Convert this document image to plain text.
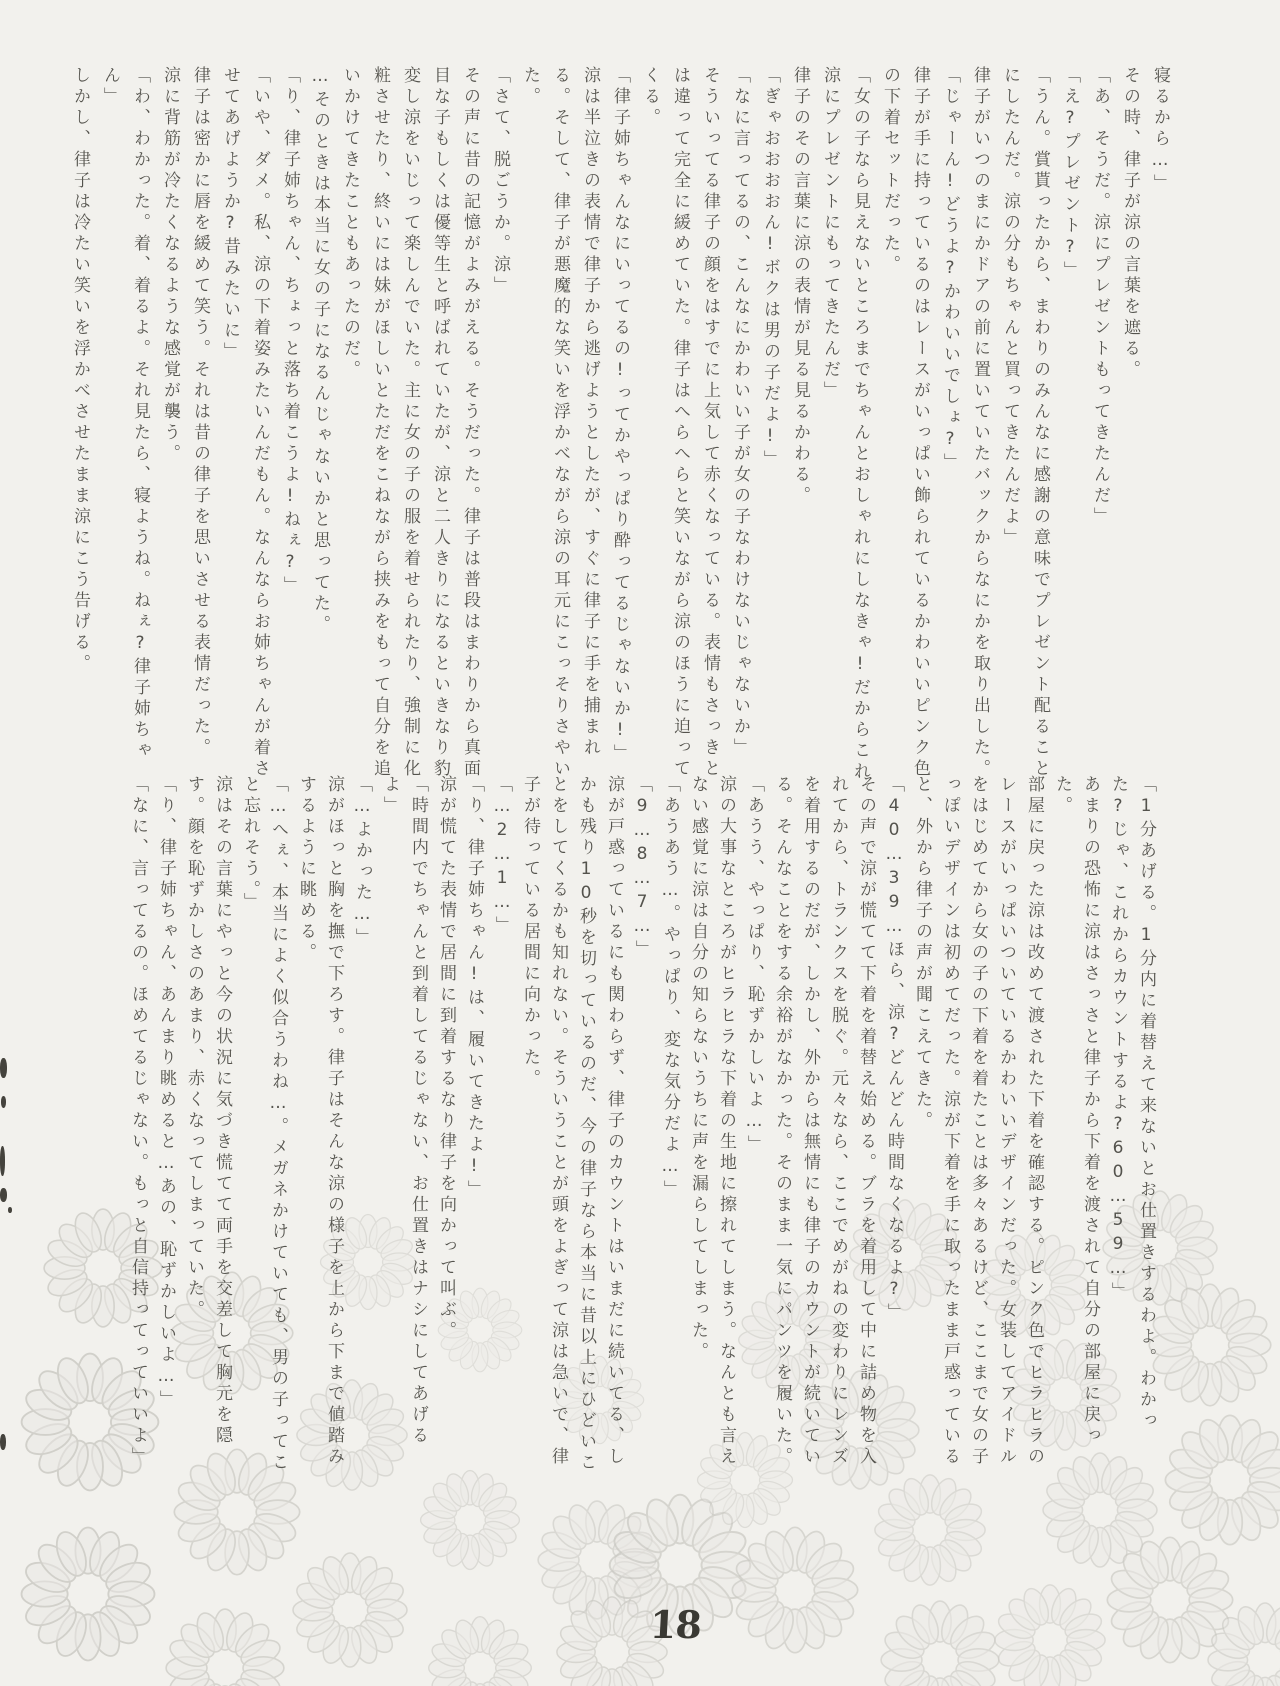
寝るから…」

その時、律子が涼の言葉を遮る。

「あ、そうだ。涼にプレゼントもってきたんだ」

「え?プレゼント?」

「うん。賞貰ったから、まわりのみんなに感謝の意味でプレゼント配ることにしたんだ。涼の分もちゃんと買ってきたんだよ」

律子がいつのまにかドアの前に置いていたバックからなにかを取り出した。

「じゃーん!どうよ?かわいいでしょ?」

律子が手に持っているのはレースがいっぱい飾られているかわいいピンク色の下着セットだった。

「女の子なら見えないところまでちゃんとおしゃれにしなきゃ!だからこれ涼にプレゼントにもってきたんだ」

律子のその言葉に涼の表情が見る見るかわる。

「ぎゃおおおおん!ボクは男の子だよ!」

「なに言ってるの、こんなにかわいい子が女の子なわけないじゃないか」

そういってる律子の顔をはすでに上気して赤くなっている。表情もさっきとは違って完全に緩めていた。律子はへらへらと笑いながら涼のほうに迫ってくる。

「律子姉ちゃんなにいってるの!ってかやっぱり酔ってるじゃないか!」

涼は半泣きの表情で律子から逃げようとしたが、すぐに律子に手を捕まれる。そして、律子が悪魔的な笑いを浮かべながら涼の耳元にこっそりさやいた。

「さて、脱ごうか。涼」

その声に昔の記憶がよみがえる。そうだった。律子は普段はまわりから真面目な子もしくは優等生と呼ばれていたが、涼と二人きりになるといきなり豹変し涼をいじって楽しんでいた。主に女の子の服を着せられたり、強制に化粧させたり、終いには妹がほしいとただをこねながら挟みをもって自分を追いかけてきたこともあったのだ。

…そのときは本当に女の子になるんじゃないかと思ってた。

「り、律子姉ちゃん、ちょっと落ち着こうよ!ねぇ?」

「いや、ダメ。私、涼の下着姿みたいんだもん。なんならお姉ちゃんが着させてあげようか?昔みたいに」

律子は密かに唇を緩めて笑う。それは昔の律子を思いさせる表情だった。

涼に背筋が冷たくなるような感覚が襲う。

「わ、わかった。着、着るよ。それ見たら、寝ようね。ねぇ?律子姉ちゃん」

しかし、律子は冷たい笑いを浮かべさせたまま涼にこう告げる。

「1分あげる。1分内に着替えて来ないとお仕置きするわよ。わかった?じゃ、これからカウントするよ?60…59…」

あまりの恐怖に涼はさっさと律子から下着を渡されて自分の部屋に戻った。

部屋に戻った涼は改めて渡された下着を確認する。ピンク色でヒラヒラのレースがいっぱいついているかわいいデザインだった。女装してアイドルをはじめてから女の子の下着を着たことは多々あるけど、ここまで女の子っぽいデザインは初めてだった。涼が下着を手に取ったまま戸惑っていると、外から律子の声が聞こえてきた。

「40…39…ほら、涼?どんどん時間なくなるよ?」

その声で涼が慌てて下着を着替え始める。ブラを着用して中に詰め物を入れてから、トランクスを脱ぐ。元々なら、ここでめがねの変わりにレンズを着用するのだが、しかし、外からは無情にも律子のカウントが続いている。そんなことをする余裕がなかった。そのまま一気にパンツを履いた。

「あうう、やっぱり、恥ずかしいよ…」

涼の大事なところがヒラヒラな下着の生地に擦れてしまう。なんとも言えない感覚に涼は自分の知らないうちに声を漏らしてしまった。

「あうあう…。やっぱり、変な気分だよ…」

「9…8…7…」

涼が戸惑っているにも関わらず、律子のカウントはいまだに続いてる、しかも残り10秒を切っているのだ、今の律子なら本当に昔以上にひどいことをしてくるかも知れない。そういうことが頭をよぎって涼は急いで、律子が待っている居間に向かった。

「…2…1…」

「り、律子姉ちゃん!は、履いてきたよ!」

涼が慌てた表情で居間に到着するなり律子を向かって叫ぶ。

「時間内でちゃんと到着してるじゃない、お仕置きはナシにしてあげるよ」

「…よかった…」

涼がほっと胸を撫で下ろす。律子はそんな涼の様子を上から下まで値踏みするように眺める。

「…へぇ、本当によく似合うわね…。メガネかけていても、男の子ってこと忘れそう。」

涼はその言葉にやっと今の状況に気づき慌てて両手を交差して胸元を隠す。顔を恥ずかしさのあまり、赤くなってしまっていた。

「り、律子姉ちゃん、あんまり眺めると…あの、恥ずかしいよ…」

「なに、言ってるの。ほめてるじゃない。もっと自信持ってっていいよ」

18
